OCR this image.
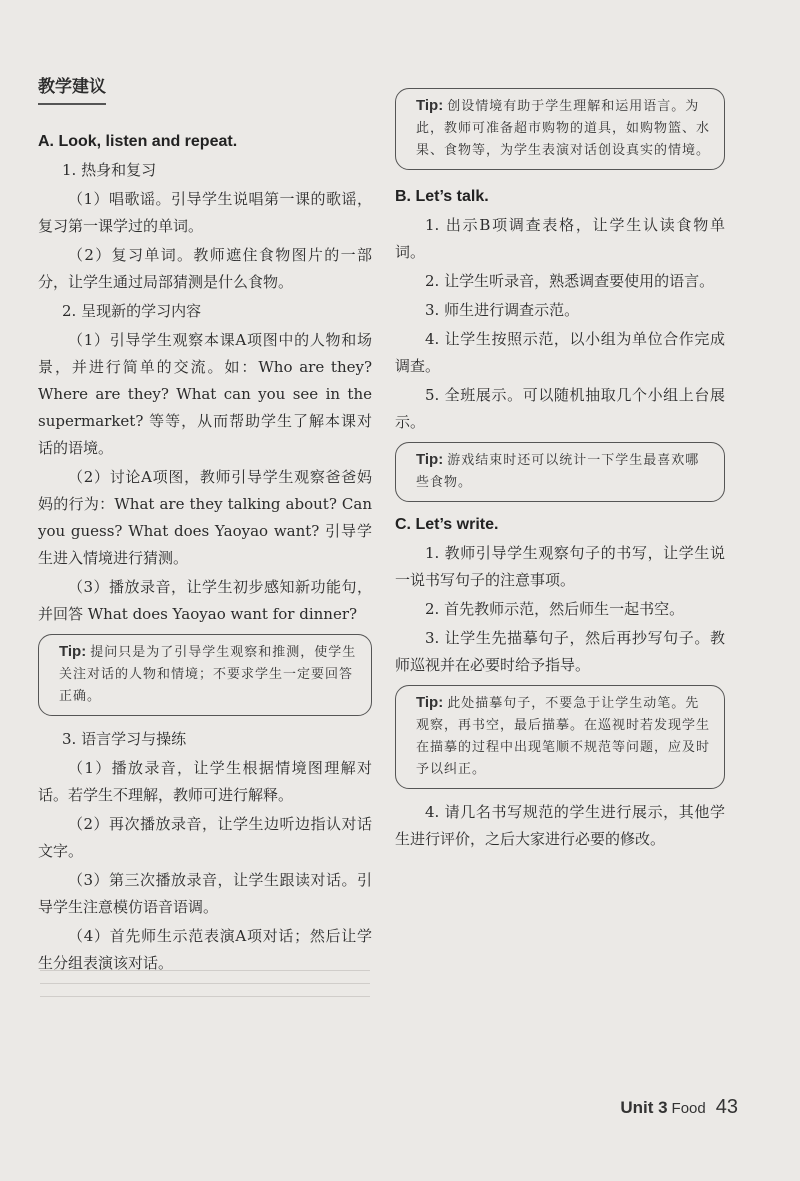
教学建议
A. Look, listen and repeat.

1. 热身和复习

（1）唱歌谣。引导学生说唱第一课的歌谣，复习第一课学过的单词。

（2）复习单词。教师遮住食物图片的一部分，让学生通过局部猜测是什么食物。

2. 呈现新的学习内容

（1）引导学生观察本课A项图中的人物和场景，并进行简单的交流。如：Who are they? Where are they? What can you see in the supermarket? 等等，从而帮助学生了解本课对话的语境。

（2）讨论A项图，教师引导学生观察爸爸妈妈的行为：What are they talking about? Can you guess? What does Yaoyao want? 引导学生进入情境进行猜测。

（3）播放录音，让学生初步感知新功能句，并回答 What does Yaoyao want for dinner?

Tip: 提问只是为了引导学生观察和推测，使学生关注对话的人物和情境；不要求学生一定要回答正确。

3. 语言学习与操练

（1）播放录音，让学生根据情境图理解对话。若学生不理解，教师可进行解释。

（2）再次播放录音，让学生边听边指认对话文字。

（3）第三次播放录音，让学生跟读对话。引导学生注意模仿语音语调。

（4）首先师生示范表演A项对话；然后让学生分组表演该对话。

Tip: 创设情境有助于学生理解和运用语言。为此，教师可准备超市购物的道具，如购物篮、水果、食物等，为学生表演对话创设真实的情境。
B. Let’s talk.

1. 出示B项调查表格，让学生认读食物单词。

2. 让学生听录音，熟悉调查要使用的语言。

3. 师生进行调查示范。

4. 让学生按照示范，以小组为单位合作完成调查。

5. 全班展示。可以随机抽取几个小组上台展示。

Tip: 游戏结束时还可以统计一下学生最喜欢哪些食物。
C. Let’s write.

1. 教师引导学生观察句子的书写，让学生说一说书写句子的注意事项。

2. 首先教师示范，然后师生一起书空。

3. 让学生先描摹句子，然后再抄写句子。教师巡视并在必要时给予指导。

Tip: 此处描摹句子，不要急于让学生动笔。先观察，再书空，最后描摹。在巡视时若发现学生在描摹的过程中出现笔顺不规范等问题，应及时予以纠正。

4. 请几名书写规范的学生进行展示，其他学生进行评价，之后大家进行必要的修改。

Unit 3 Food 43
